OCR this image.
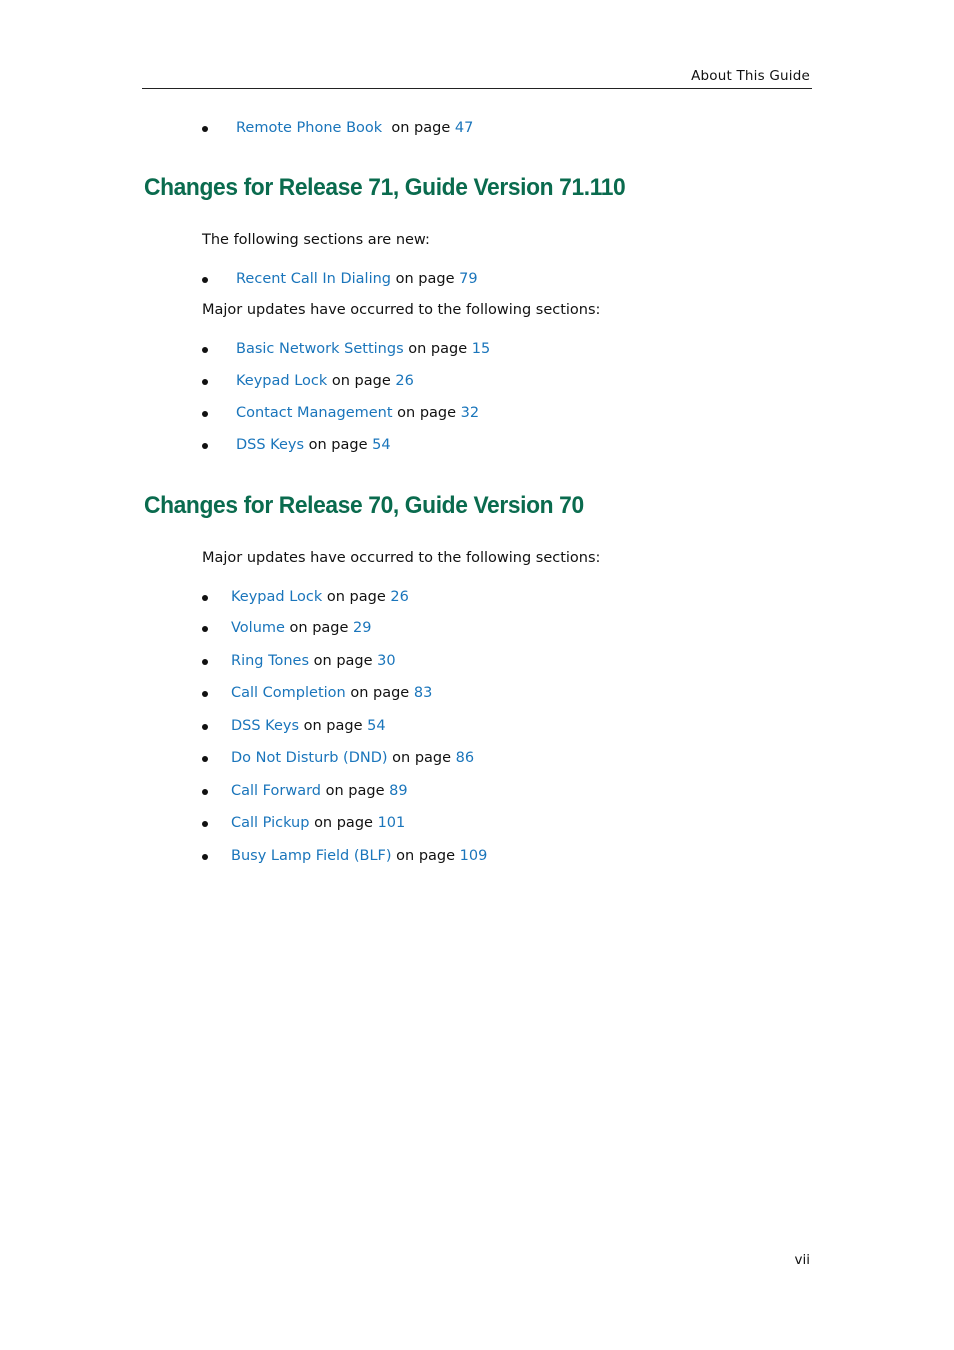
About This Guide
Remote Phone Book on page 47
Changes for Release 71, Guide Version 71.110
The following sections are new:
Recent Call In Dialing on page 79
Major updates have occurred to the following sections:
Basic Network Settings on page 15
Keypad Lock on page 26
Contact Management on page 32
DSS Keys on page 54
Changes for Release 70, Guide Version 70
Major updates have occurred to the following sections:
Keypad Lock on page 26
Volume on page 29
Ring Tones on page 30
Call Completion on page 83
DSS Keys on page 54
Do Not Disturb (DND) on page 86
Call Forward on page 89
Call Pickup on page 101
Busy Lamp Field (BLF) on page 109
vii
